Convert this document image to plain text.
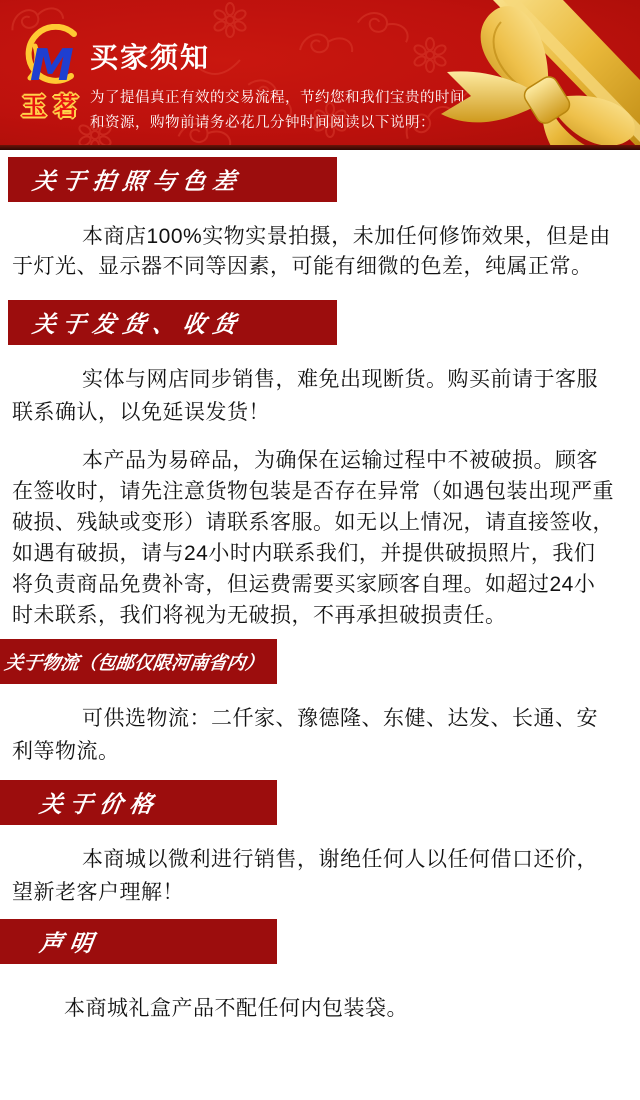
M
玉茗
买家须知
为了提倡真正有效的交易流程，节约您和我们宝贵的时间
和资源，购物前请务必花几分钟时间阅读以下说明：
关于拍照与色差

本商店100%实物实景拍摄，未加任何修饰效果，但是由于灯光、显示器不同等因素，可能有细微的色差，纯属正常。

关于发货、收货

实体与网店同步销售，难免出现断货。购买前请于客服联系确认，以免延误发货！

本产品为易碎品，为确保在运输过程中不被破损。顾客在签收时，请先注意货物包装是否存在异常（如遇包装出现严重破损、残缺或变形）请联系客服。如无以上情况，请直接签收，如遇有破损，请与24小时内联系我们，并提供破损照片，我们将负责商品免费补寄，但运费需要买家顾客自理。如超过24小时未联系，我们将视为无破损，不再承担破损责任。

关于物流（包邮仅限河南省内）

可供选物流：二仟家、豫德隆、东健、达发、长通、安利等物流。

关于价格

本商城以微利进行销售，谢绝任何人以任何借口还价，望新老客户理解！

声明

本商城礼盒产品不配任何内包装袋。
